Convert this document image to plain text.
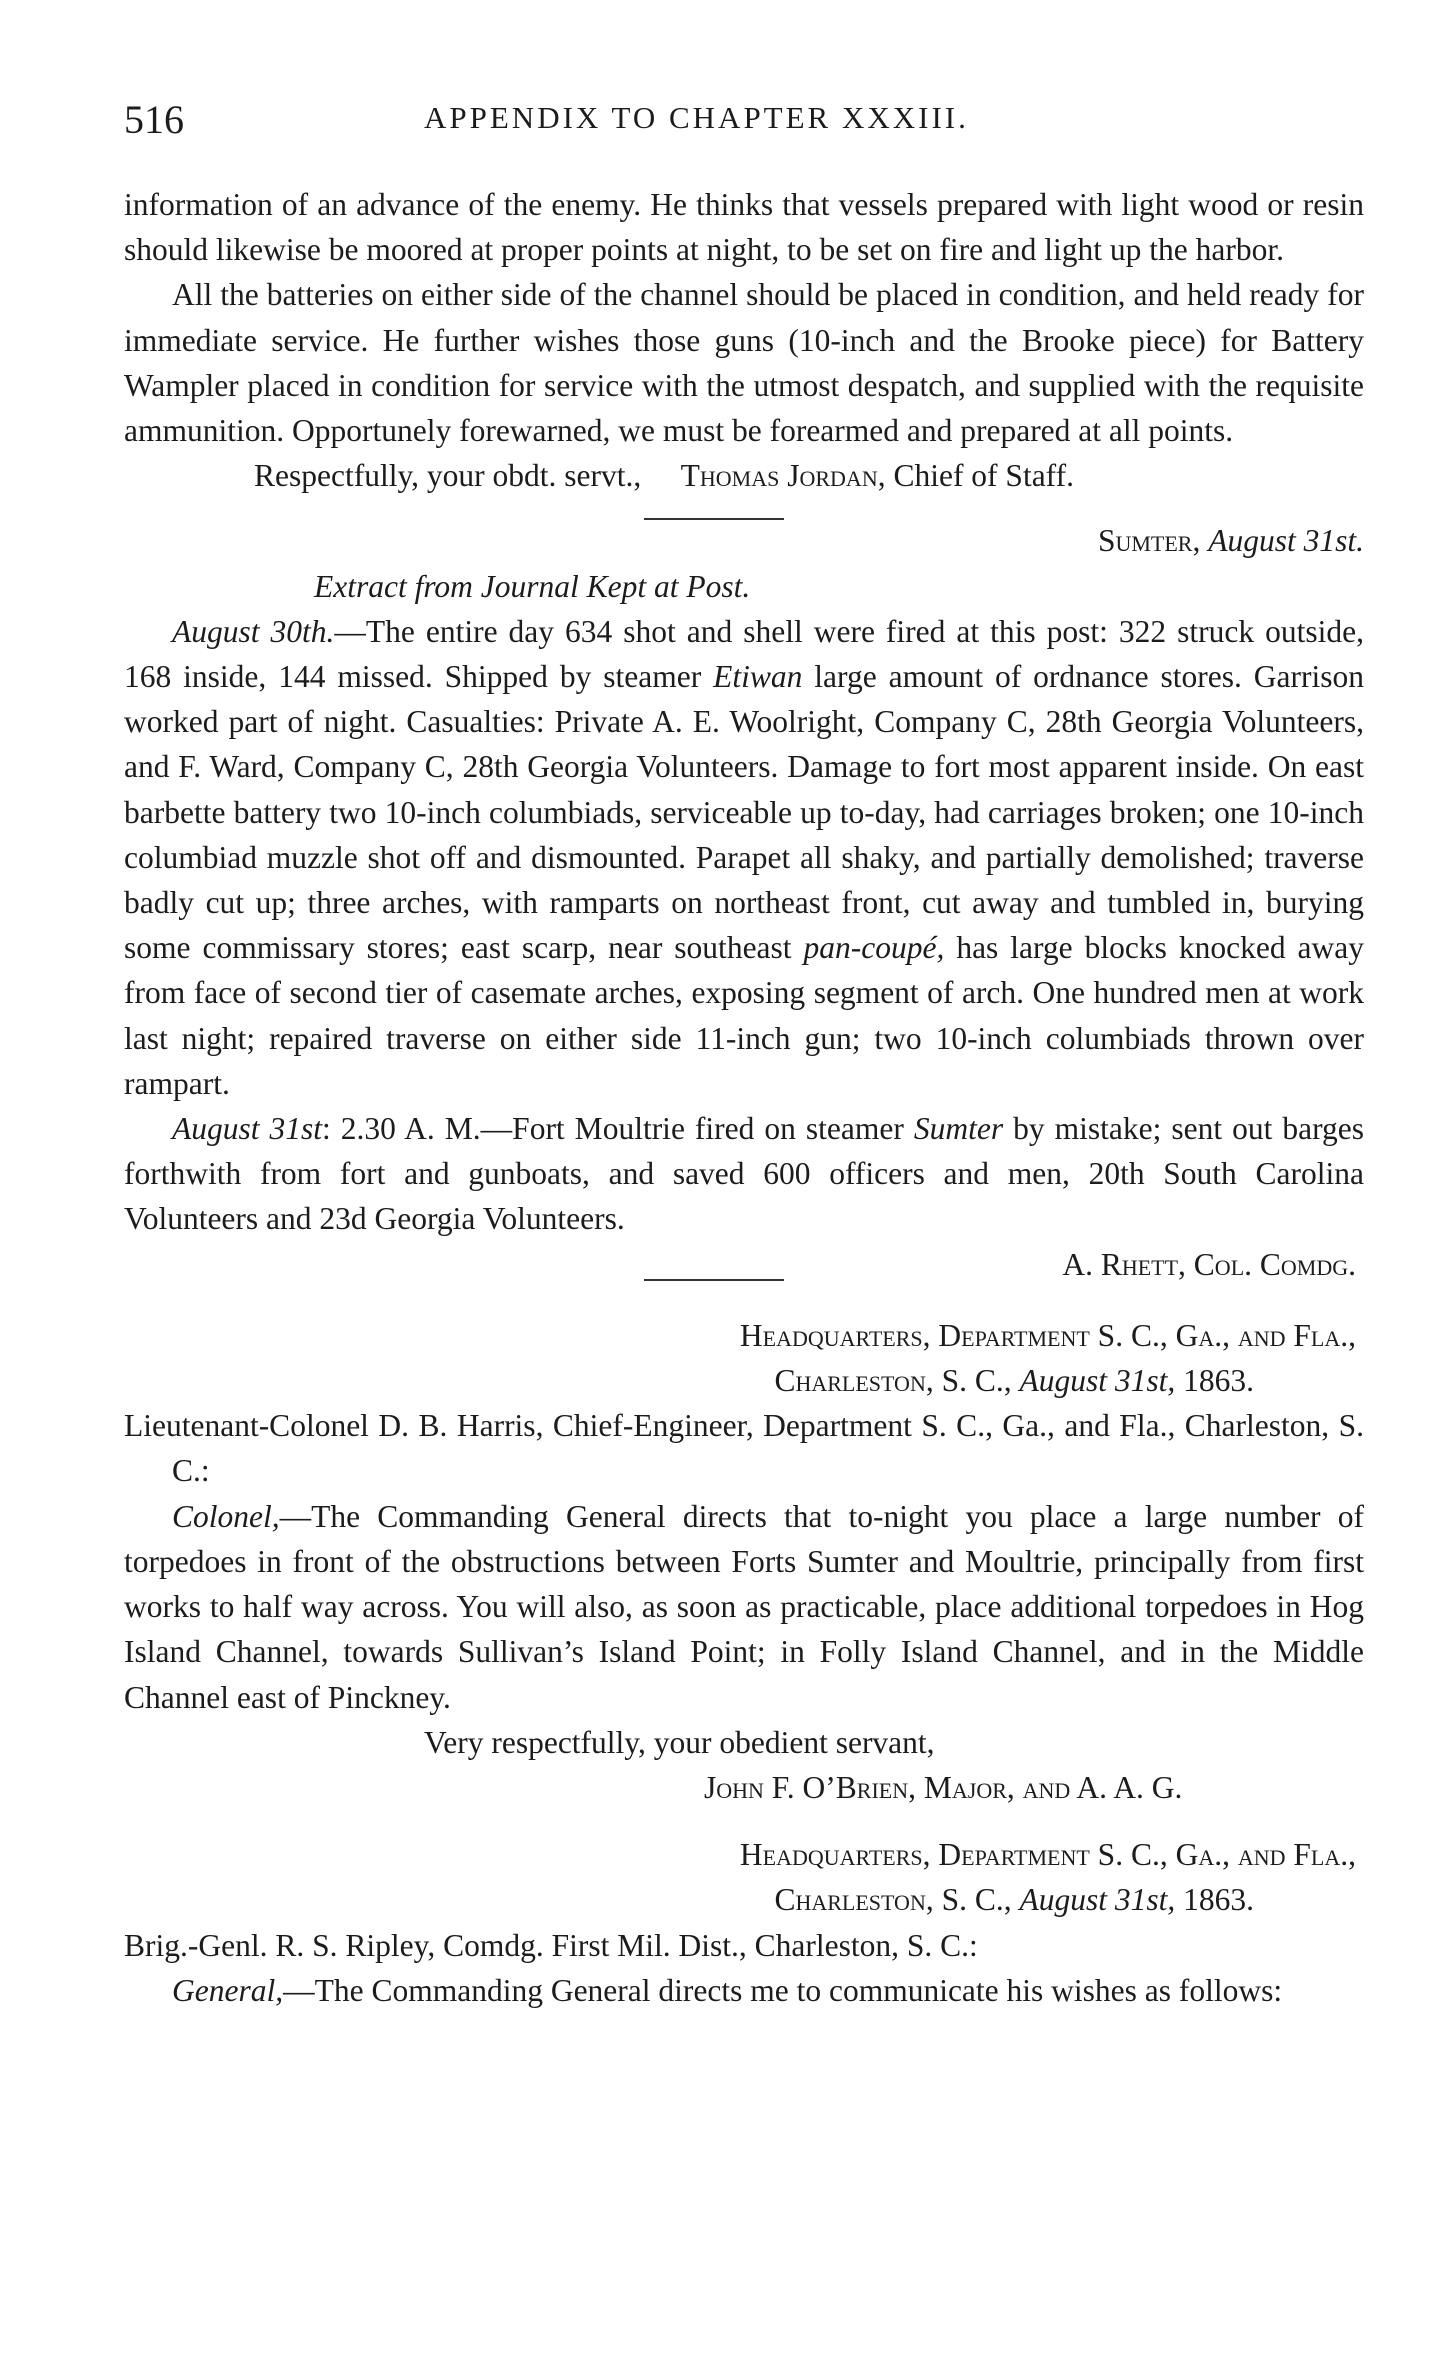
516	APPENDIX TO CHAPTER XXXIII.

information of an advance of the enemy. He thinks that vessels prepared with light wood or resin should likewise be moored at proper points at night, to be set on fire and light up the harbor.

All the batteries on either side of the channel should be placed in condition, and held ready for immediate service. He further wishes those guns (10-inch and the Brooke piece) for Battery Wampler placed in condition for service with the utmost despatch, and supplied with the requisite ammunition. Opportunely forewarned, we must be forearmed and prepared at all points.

Respectfully, your obdt. servt., Thomas Jordan, Chief of Staff.

Sumter, August 31st.

Extract from Journal Kept at Post.

August 30th.—The entire day 634 shot and shell were fired at this post: 322 struck outside, 168 inside, 144 missed. Shipped by steamer Etiwan large amount of ordnance stores. Garrison worked part of night. Casualties: Private A. E. Woolright, Company C, 28th Georgia Volunteers, and F. Ward, Company C, 28th Georgia Volunteers. Damage to fort most apparent inside. On east barbette battery two 10-inch columbiads, serviceable up to-day, had carriages broken; one 10-inch columbiad muzzle shot off and dismounted. Parapet all shaky, and partially demolished; traverse badly cut up; three arches, with ramparts on northeast front, cut away and tumbled in, burying some commissary stores; east scarp, near southeast pan-coupé, has large blocks knocked away from face of second tier of casemate arches, exposing segment of arch. One hundred men at work last night; repaired traverse on either side 11-inch gun; two 10-inch columbiads thrown over rampart.

August 31st: 2.30 A. M.—Fort Moultrie fired on steamer Sumter by mistake; sent out barges forthwith from fort and gunboats, and saved 600 officers and men, 20th South Carolina Volunteers and 23d Georgia Volunteers.

A. Rhett, Col. Comdg.

Headquarters, Department S. C., Ga., and Fla.,

Charleston, S. C., August 31st, 1863.

Lieutenant-Colonel D. B. Harris, Chief-Engineer, Department S. C., Ga., and Fla., Charleston, S. C.:

Colonel,—The Commanding General directs that to-night you place a large number of torpedoes in front of the obstructions between Forts Sumter and Moultrie, principally from first works to half way across. You will also, as soon as practicable, place additional torpedoes in Hog Island Channel, towards Sullivan’s Island Point; in Folly Island Channel, and in the Middle Channel east of Pinckney.

Very respectfully, your obedient servant,

John F. O’Brien, Major, and A. A. G.

Headquarters, Department S. C., Ga., and Fla.,

Charleston, S. C., August 31st, 1863.

Brig.-Genl. R. S. Ripley, Comdg. First Mil. Dist., Charleston, S. C.:

General,—The Commanding General directs me to communicate his wishes as follows:
